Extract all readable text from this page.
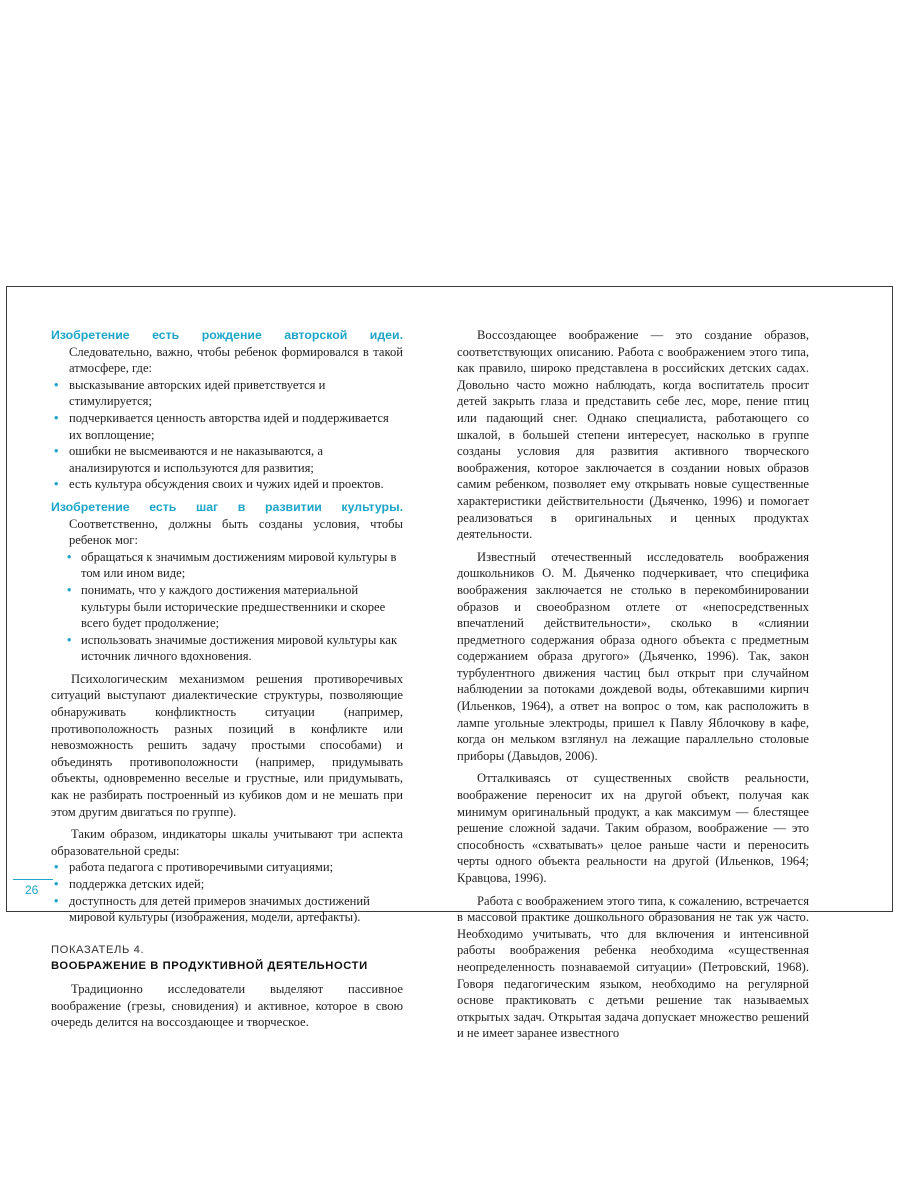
Изобретение есть рождение авторской идеи. Следовательно, важно, чтобы ребенок формировался в такой атмосфере, где:

• высказывание авторских идей приветствуется и стимулируется;
• подчеркивается ценность авторства идей и поддерживается их воплощение;
• ошибки не высмеиваются и не наказываются, а анализируются и используются для развития;
• есть культура обсуждения своих и чужих идей и проектов.

Изобретение есть шаг в развитии культуры. Соответственно, должны быть созданы условия, чтобы ребенок мог:

• обращаться к значимым достижениям мировой культуры в том или ином виде;
• понимать, что у каждого достижения материальной культуры были исторические предшественники и скорее всего будет продолжение;
• использовать значимые достижения мировой культуры как источник личного вдохновения.

Психологическим механизмом решения противоречивых ситуаций выступают диалектические структуры, позволяющие обнаруживать конфликтность ситуации (например, противоположность разных позиций в конфликте или невозможность решить задачу простыми способами) и объединять противоположности (например, придумывать объекты, одновременно веселые и грустные, или придумывать, как не разбирать построенный из кубиков дом и не мешать при этом другим двигаться по группе).

Таким образом, индикаторы шкалы учитывают три аспекта образовательной среды:

• работа педагога с противоречивыми ситуациями;
• поддержка детских идей;
• доступность для детей примеров значимых достижений мировой культуры (изображения, модели, артефакты).
ПОКАЗАТЕЛЬ 4.
ВООБРАЖЕНИЕ В ПРОДУКТИВНОЙ ДЕЯТЕЛЬНОСТИ

Традиционно исследователи выделяют пассивное воображение (грезы, сновидения) и активное, которое в свою очередь делится на воссоздающее и творческое.

Воссоздающее воображение — это создание образов, соответствующих описанию. Работа с воображением этого типа, как правило, широко представлена в российских детских садах. Довольно часто можно наблюдать, когда воспитатель просит детей закрыть глаза и представить себе лес, море, пение птиц или падающий снег. Однако специалиста, работающего со шкалой, в большей степени интересует, насколько в группе созданы условия для развития активного творческого воображения, которое заключается в создании новых образов самим ребенком, позволяет ему открывать новые существенные характеристики действительности (Дьяченко, 1996) и помогает реализоваться в оригинальных и ценных продуктах деятельности.

Известный отечественный исследователь воображения дошкольников О. М. Дьяченко подчеркивает, что специфика воображения заключается не столько в перекомбинировании образов и своеобразном отлете от «непосредственных впечатлений действительности», сколько в «слиянии предметного содержания образа одного объекта с предметным содержанием образа другого» (Дьяченко, 1996). Так, закон турбулентного движения частиц был открыт при случайном наблюдении за потоками дождевой воды, обтекавшими кирпич (Ильенков, 1964), а ответ на вопрос о том, как расположить в лампе угольные электроды, пришел к Павлу Яблочкову в кафе, когда он мельком взглянул на лежащие параллельно столовые приборы (Давыдов, 2006).

Отталкиваясь от существенных свойств реальности, воображение переносит их на другой объект, получая как минимум оригинальный продукт, а как максимум — блестящее решение сложной задачи. Таким образом, воображение — это способность «схватывать» целое раньше части и переносить черты одного объекта реальности на другой (Ильенков, 1964; Кравцова, 1996).

Работа с воображением этого типа, к сожалению, встречается в массовой практике дошкольного образования не так уж часто. Необходимо учитывать, что для включения и интенсивной работы воображения ребенка необходима «существенная неопределенность познаваемой ситуации» (Петровский, 1968). Говоря педагогическим языком, необходимо на регулярной основе практиковать с детьми решение так называемых открытых задач. Открытая задача допускает множество решений и не имеет заранее известного

26
